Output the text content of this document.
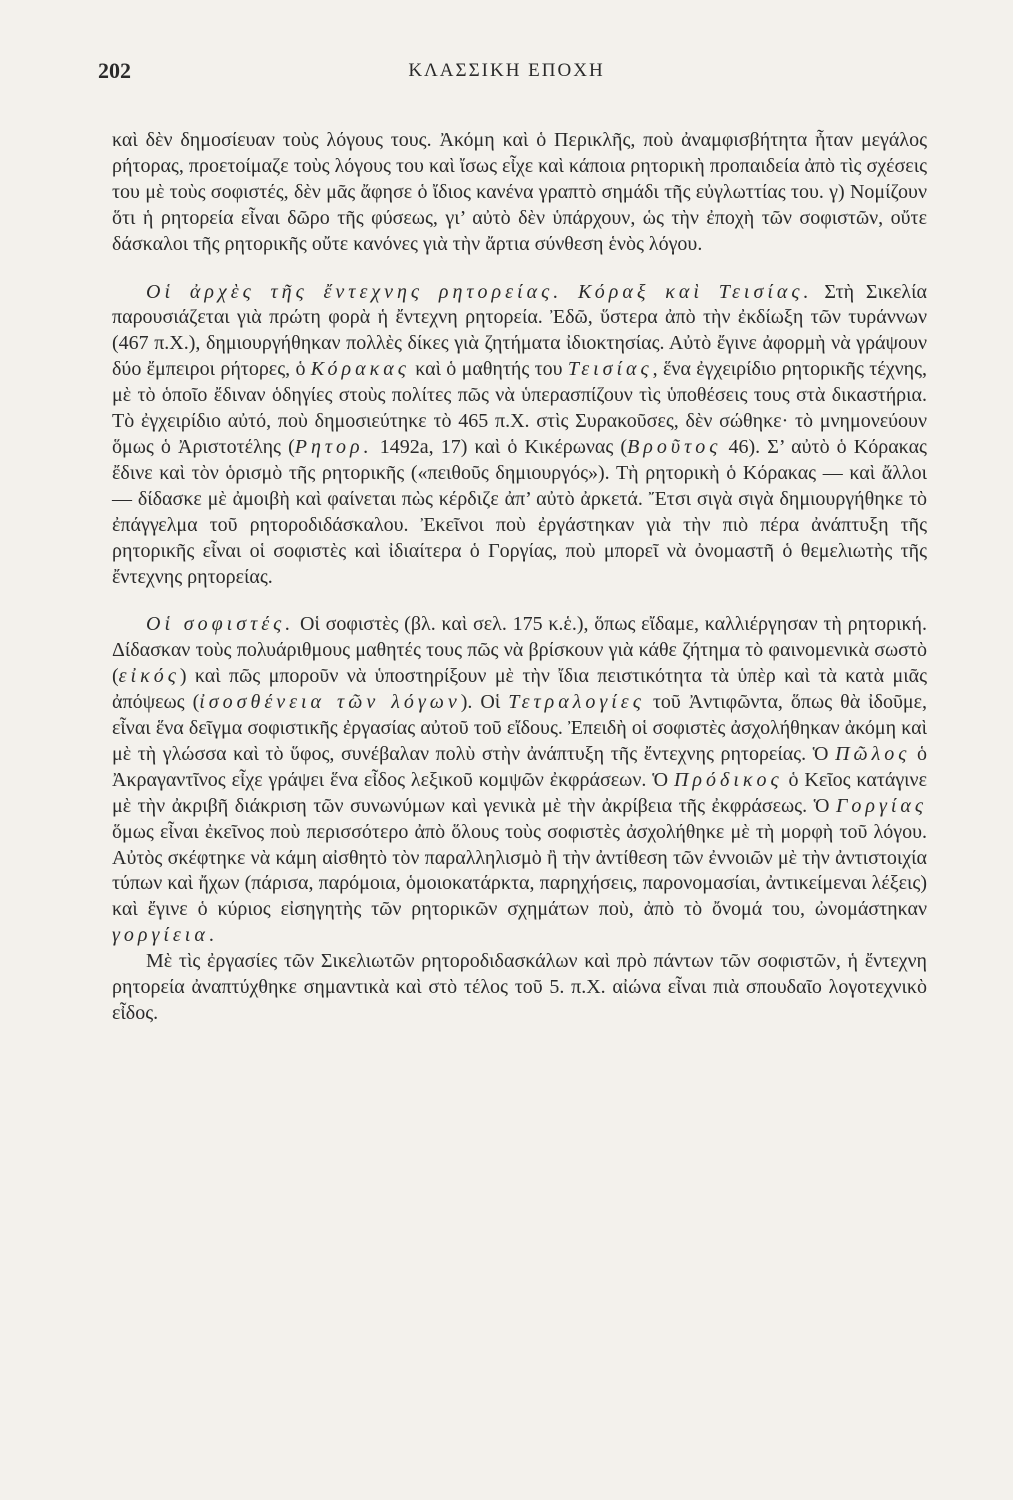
202	ΚΛΑΣΣΙΚΗ ΕΠΟΧΗ

καὶ δὲν δημοσίευαν τοὺς λόγους τους. Ἀκόμη καὶ ὁ Περικλῆς, ποὺ ἀναμφισβήτητα ἦταν μεγάλος ρήτορας, προετοίμαζε τοὺς λόγους του καὶ ἴσως εἶχε καὶ κάποια ρητορικὴ προπαιδεία ἀπὸ τὶς σχέσεις του μὲ τοὺς σοφιστές, δὲν μᾶς ἄφησε ὁ ἴδιος κανένα γραπτὸ σημάδι τῆς εὐγλωττίας του. γ) Νομίζουν ὅτι ἡ ρητορεία εἶναι δῶρο τῆς φύσεως, γι’ αὐτὸ δὲν ὑπάρχουν, ὡς τὴν ἐποχὴ τῶν σοφιστῶν, οὔτε δάσκαλοι τῆς ρητορικῆς οὔτε κανόνες γιὰ τὴν ἄρτια σύνθεση ἑνὸς λόγου.

Οἱ ἀρχὲς τῆς ἔντεχνης ρητορείας. Κόραξ καὶ Τεισίας. Στὴ Σικελία παρουσιάζεται γιὰ πρώτη φορὰ ἡ ἔντεχνη ρητορεία. Ἐδῶ, ὕστερα ἀπὸ τὴν ἐκδίωξη τῶν τυράννων (467 π.Χ.), δημιουργήθηκαν πολλὲς δίκες γιὰ ζητήματα ἰδιοκτησίας. Αὐτὸ ἔγινε ἀφορμὴ νὰ γράψουν δύο ἔμπειροι ρήτορες, ὁ Κόρακας καὶ ὁ μαθητής του Τεισίας, ἕνα ἐγχειρίδιο ρητορικῆς τέχνης, μὲ τὸ ὁποῖο ἔδιναν ὁδηγίες στοὺς πολίτες πῶς νὰ ὑπερασπίζουν τὶς ὑποθέσεις τους στὰ δικαστήρια. Τὸ ἐγχειρίδιο αὐτό, ποὺ δημοσιεύτηκε τὸ 465 π.Χ. στὶς Συρακοῦσες, δὲν σώθηκε· τὸ μνημονεύουν ὅμως ὁ Ἀριστοτέλης (Ρητορ. 1492a, 17) καὶ ὁ Κικέρωνας (Βροῦτος 46). Σ’ αὐτὸ ὁ Κόρακας ἔδινε καὶ τὸν ὁρισμὸ τῆς ρητορικῆς («πειθοῦς δημιουργός»). Τὴ ρητορικὴ ὁ Κόρακας — καὶ ἄλλοι — δίδασκε μὲ ἀμοιβὴ καὶ φαίνεται πὼς κέρδιζε ἀπ’ αὐτὸ ἀρκετά. Ἔτσι σιγὰ σιγὰ δημιουργήθηκε τὸ ἐπάγγελμα τοῦ ρητοροδιδάσκαλου. Ἐκεῖνοι ποὺ ἐργάστηκαν γιὰ τὴν πιὸ πέρα ἀνάπτυξη τῆς ρητορικῆς εἶναι οἱ σοφιστὲς καὶ ἰδιαίτερα ὁ Γοργίας, ποὺ μπορεῖ νὰ ὀνομαστῆ ὁ θεμελιωτὴς τῆς ἔντεχνης ρητορείας.

Οἱ σοφιστές. Οἱ σοφιστὲς (βλ. καὶ σελ. 175 κ.ἑ.), ὅπως εἴδαμε, καλλιέργησαν τὴ ρητορική. Δίδασκαν τοὺς πολυάριθμους μαθητές τους πῶς νὰ βρίσκουν γιὰ κάθε ζήτημα τὸ φαινομενικὰ σωστὸ (εἰκός) καὶ πῶς μποροῦν νὰ ὑποστηρίξουν μὲ τὴν ἴδια πειστικότητα τὰ ὑπὲρ καὶ τὰ κατὰ μιᾶς ἀπόψεως (ἰσοσθένεια τῶν λόγων). Οἱ Τετραλογίες τοῦ Ἀντιφῶντα, ὅπως θὰ ἰδοῦμε, εἶναι ἕνα δεῖγμα σοφιστικῆς ἐργασίας αὐτοῦ τοῦ εἴδους. Ἐπειδὴ οἱ σοφιστὲς ἀσχολήθηκαν ἀκόμη καὶ μὲ τὴ γλώσσα καὶ τὸ ὕφος, συνέβαλαν πολὺ στὴν ἀνάπτυξη τῆς ἔντεχνης ρητορείας. Ὁ Πῶλος ὁ Ἀκραγαντῖνος εἶχε γράψει ἕνα εἶδος λεξικοῦ κομψῶν ἐκφράσεων. Ὁ Πρόδικος ὁ Κεῖος κατάγινε μὲ τὴν ἀκριβῆ διάκριση τῶν συνωνύμων καὶ γενικὰ μὲ τὴν ἀκρίβεια τῆς ἐκφράσεως. Ὁ Γοργίας ὅμως εἶναι ἐκεῖνος ποὺ περισσότερο ἀπὸ ὅλους τοὺς σοφιστὲς ἀσχολήθηκε μὲ τὴ μορφὴ τοῦ λόγου. Αὐτὸς σκέφτηκε νὰ κάμη αἰσθητὸ τὸν παραλληλισμὸ ἢ τὴν ἀντίθεση τῶν ἐννοιῶν μὲ τὴν ἀντιστοιχία τύπων καὶ ἤχων (πάρισα, παρόμοια, ὁμοιοκατάρκτα, παρηχήσεις, παρονομασίαι, ἀντικείμεναι λέξεις) καὶ ἔγινε ὁ κύριος εἰσηγητὴς τῶν ρητορικῶν σχημάτων ποὺ, ἀπὸ τὸ ὄνομά του, ὠνομάστηκαν γοργίεια.

Μὲ τὶς ἐργασίες τῶν Σικελιωτῶν ρητοροδιδασκάλων καὶ πρὸ πάντων τῶν σοφιστῶν, ἡ ἔντεχνη ρητορεία ἀναπτύχθηκε σημαντικὰ καὶ στὸ τέλος τοῦ 5. π.Χ. αἰώνα εἶναι πιὰ σπουδαῖο λογοτεχνικὸ εἶδος.
